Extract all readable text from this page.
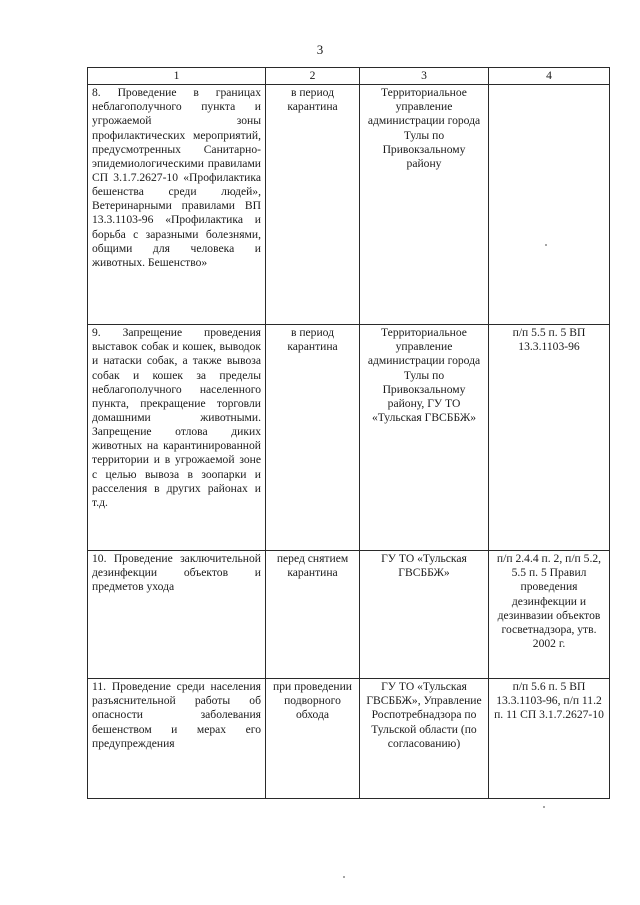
3
1	2	3	4
8. Проведение в границах неблагополучного пункта и угрожаемой зоны профилактических мероприятий, предусмотренных Санитарно-эпидемиологическими правилами СП 3.1.7.2627-10 «Профилактика бешенства среди людей», Ветеринарными правилами ВП 13.3.1103-96 «Профилактика и борьба с заразными болезнями, общими для человека и животных. Бешенство»	в период карантина	Территориальное управление администрации города Тулы по Привокзальному району	
9. Запрещение проведения выставок собак и кошек, выводок и натаски собак, а также вывоза собак и кошек за пределы неблагополучного населенного пункта, прекращение торговли домашними животными. Запрещение отлова диких животных на карантинированной территории и в угрожаемой зоне с целью вывоза в зоопарки и расселения в других районах и т.д.	в период карантина	Территориальное управление администрации города Тулы по Привокзальному району, ГУ ТО «Тульская ГВСББЖ»	п/п 5.5 п. 5 ВП 13.3.1103-96
10. Проведение заключительной дезинфекции объектов и предметов ухода	перед снятием карантина	ГУ ТО «Тульская ГВСББЖ»	п/п 2.4.4 п. 2, п/п 5.2, 5.5 п. 5 Правил проведения дезинфекции и дезинвазии объектов госветнадзора, утв. 2002 г.
11. Проведение среди населения разъяснительной работы об опасности заболевания бешенством и мерах его предупреждения	при проведении подворного обхода	ГУ ТО «Тульская ГВСББЖ», Управление Роспотребнадзора по Тульской области (по согласованию)	п/п 5.6 п. 5 ВП 13.3.1103-96, п/п 11.2 п. 11 СП 3.1.7.2627-10
